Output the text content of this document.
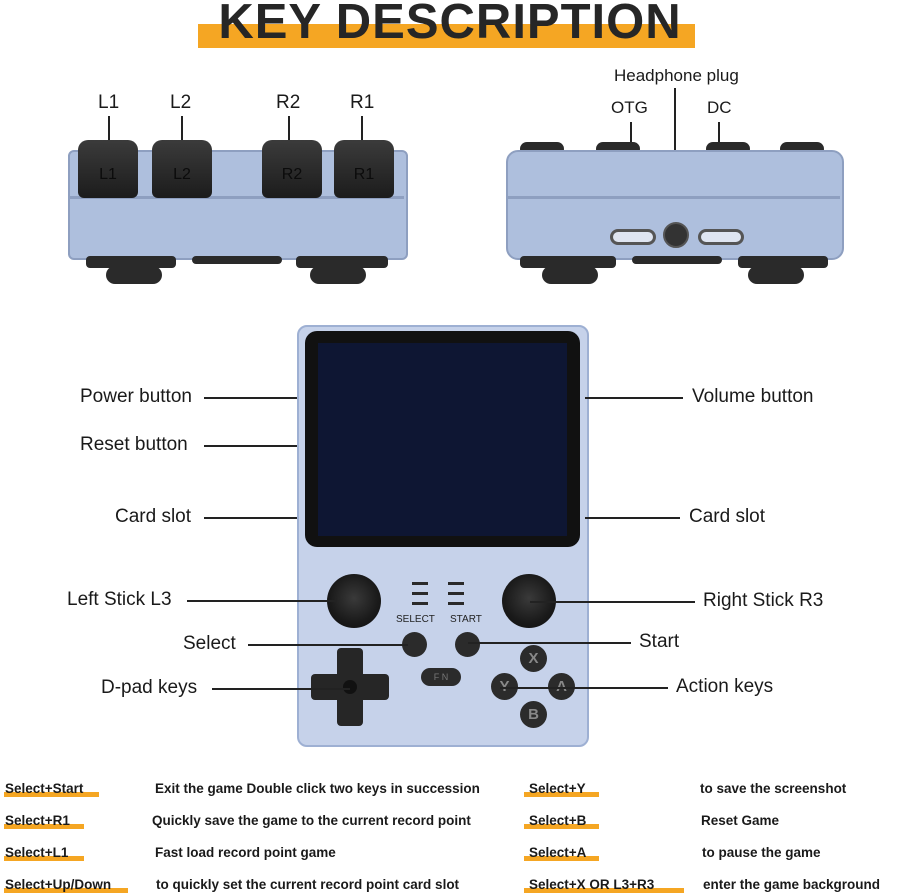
KEY DESCRIPTION
L1	L2	R2	R1
L1	L2	R2	R1
Headphone plug
OTG	DC
SELECT START
F N
X
B
Power button
Reset button
Card slot
Left Stick L3
Select
D-pad keys
Volume button
Card slot
Right Stick R3
Start
Action keys
Select+Start	Exit the game Double click two keys in succession
Select+R1	Quickly save the game to the current record point
Select+L1	Fast load record point game
Select+Up/Down	to quickly set the current record point card slot
Select+Y	to save the screenshot
Select+B	Reset Game
Select+A	to pause the game
Select+X OR L3+R3	enter the game background
